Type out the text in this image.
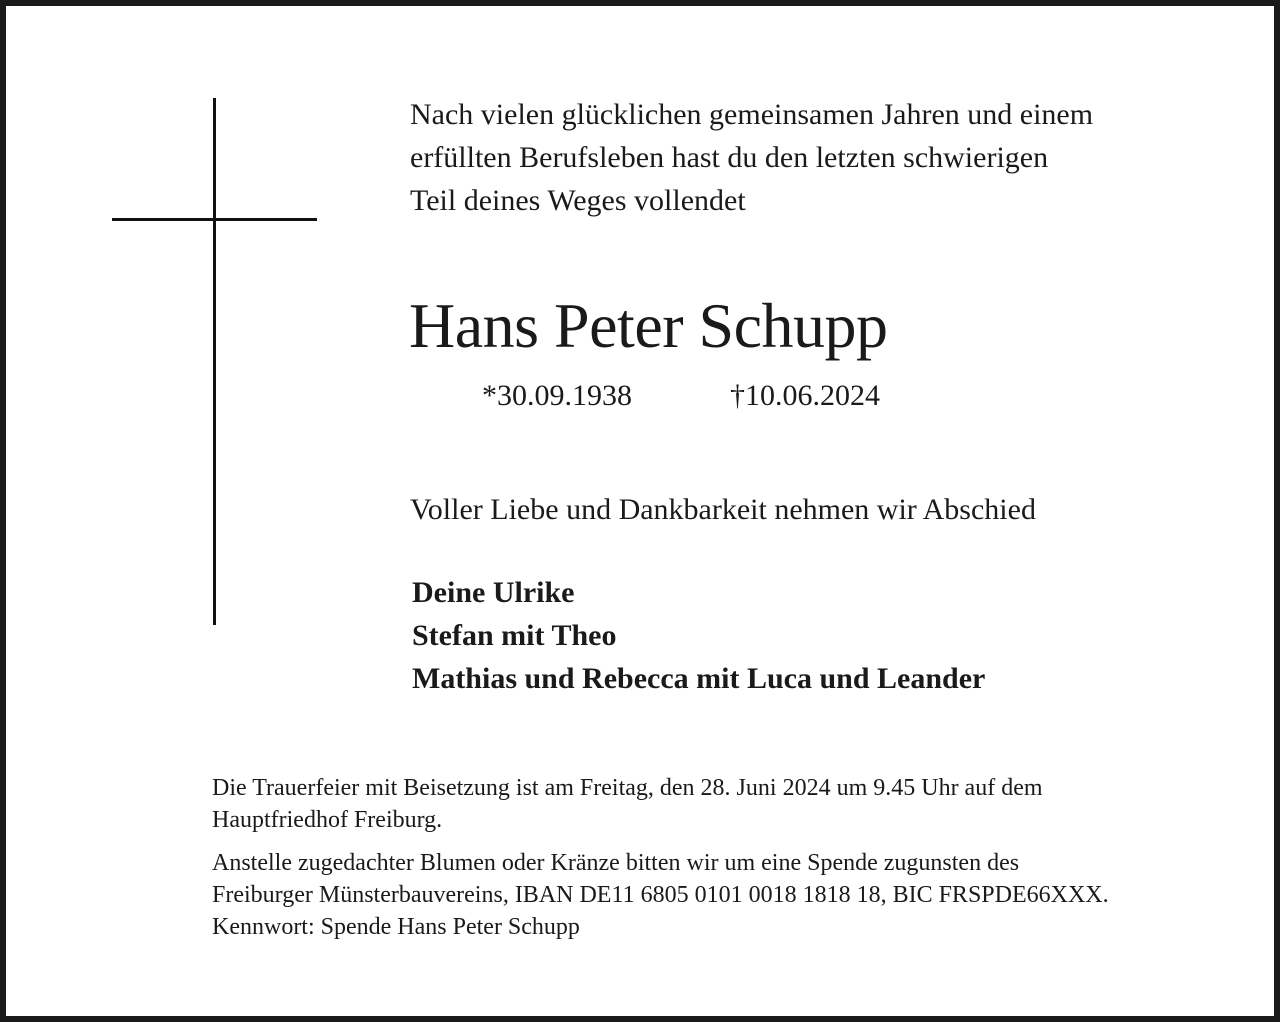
Nach vielen glücklichen gemeinsamen Jahren und einem
erfüllten Berufsleben hast du den letzten schwierigen
Teil deines Weges vollendet

Hans Peter Schupp
*30.09.1938	†10.06.2024

Voller Liebe und Dankbarkeit nehmen wir Abschied

Deine Ulrike
Stefan mit Theo
Mathias und Rebecca mit Luca und Leander

Die Trauerfeier mit Beisetzung ist am Freitag, den 28. Juni 2024 um 9.45 Uhr auf dem
Hauptfriedhof Freiburg.

Anstelle zugedachter Blumen oder Kränze bitten wir um eine Spende zugunsten des
Freiburger Münsterbauvereins, IBAN DE11 6805 0101 0018 1818 18, BIC FRSPDE66XXX.
Kennwort: Spende Hans Peter Schupp
